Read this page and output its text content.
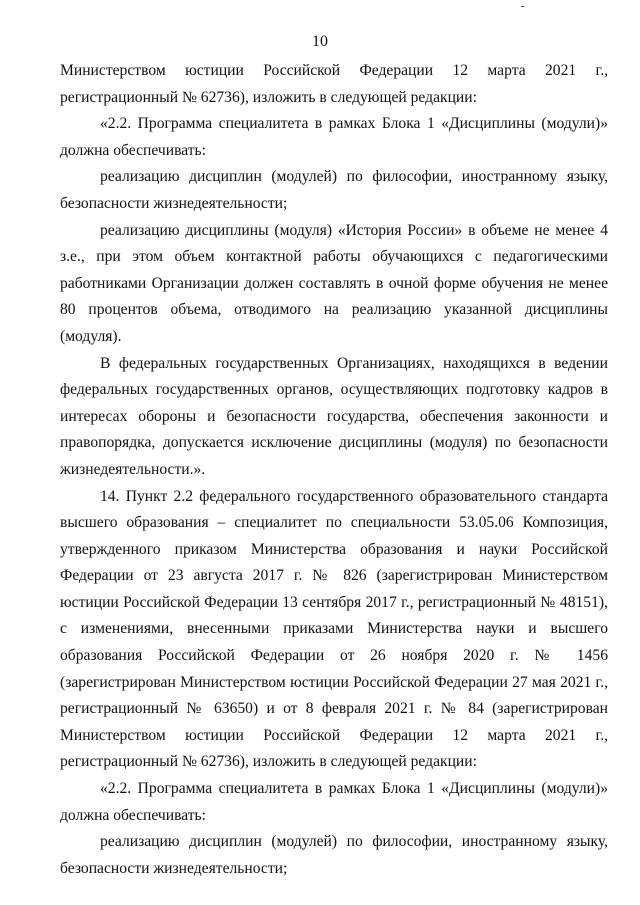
10

Министерством юстиции Российской Федерации 12 марта 2021 г., регистрационный № 62736), изложить в следующей редакции:

«2.2. Программа специалитета в рамках Блока 1 «Дисциплины (модули)» должна обеспечивать:

реализацию дисциплин (модулей) по философии, иностранному языку, безопасности жизнедеятельности;

реализацию дисциплины (модуля) «История России» в объеме не менее 4 з.е., при этом объем контактной работы обучающихся с педагогическими работниками Организации должен составлять в очной форме обучения не менее 80 процентов объема, отводимого на реализацию указанной дисциплины (модуля).

В федеральных государственных Организациях, находящихся в ведении федеральных государственных органов, осуществляющих подготовку кадров в интересах обороны и безопасности государства, обеспечения законности и правопорядка, допускается исключение дисциплины (модуля) по безопасности жизнедеятельности.».

14. Пункт 2.2 федерального государственного образовательного стандарта высшего образования – специалитет по специальности 53.05.06 Композиция, утвержденного приказом Министерства образования и науки Российской Федерации от 23 августа 2017 г. № 826 (зарегистрирован Министерством юстиции Российской Федерации 13 сентября 2017 г., регистрационный № 48151), с изменениями, внесенными приказами Министерства науки и высшего образования Российской Федерации от 26 ноября 2020 г. № 1456 (зарегистрирован Министерством юстиции Российской Федерации 27 мая 2021 г., регистрационный № 63650) и от 8 февраля 2021 г. № 84 (зарегистрирован Министерством юстиции Российской Федерации 12 марта 2021 г., регистрационный № 62736), изложить в следующей редакции:

«2.2. Программа специалитета в рамках Блока 1 «Дисциплины (модули)» должна обеспечивать:

реализацию дисциплин (модулей) по философии, иностранному языку, безопасности жизнедеятельности;
